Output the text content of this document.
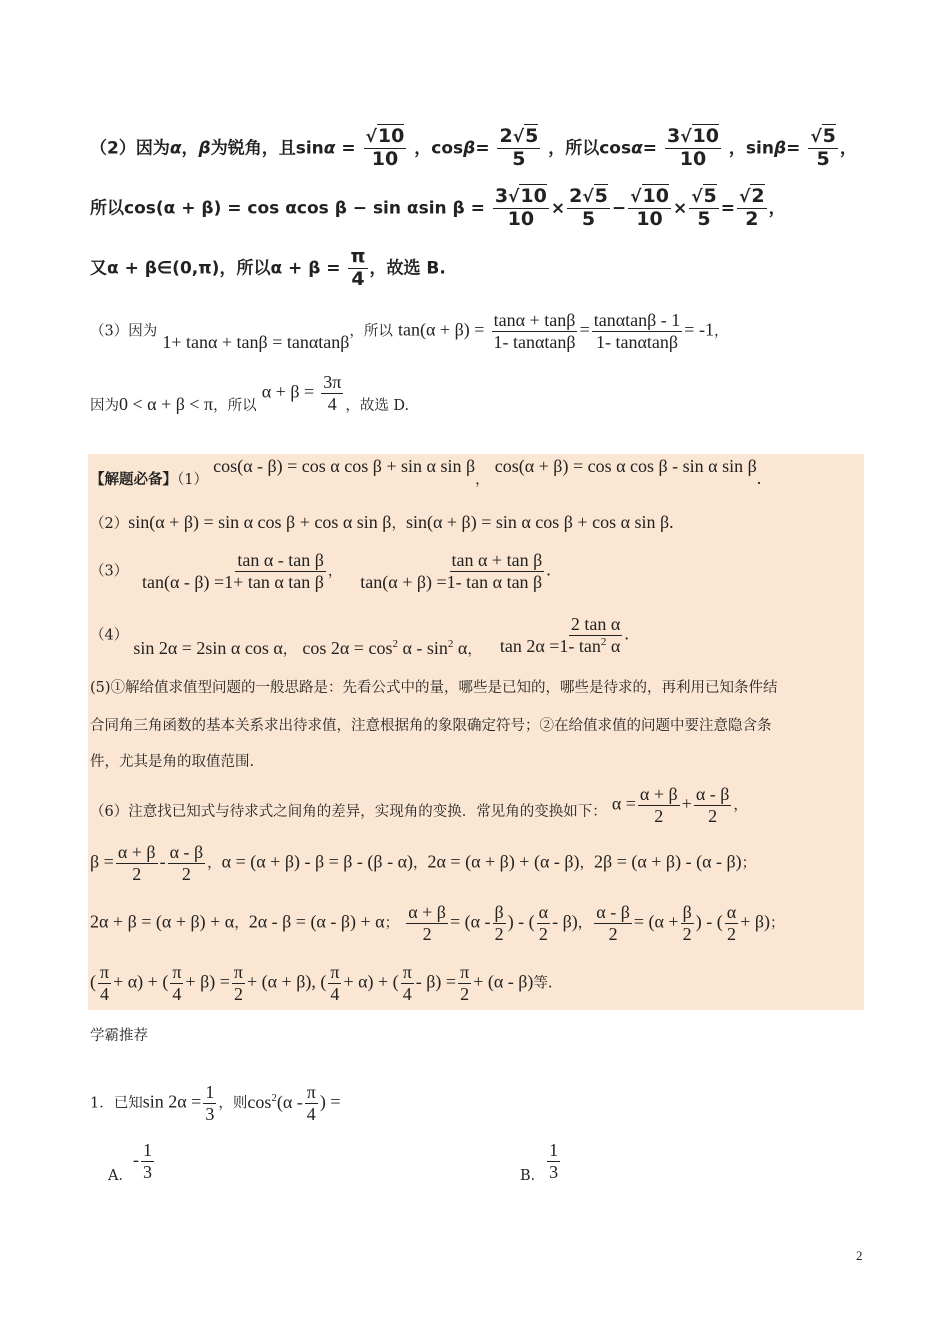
（2）因为α，β为锐角，且$\sin\alpha = \frac{√10}{10}$ ，$\cos\beta= \frac{2√5}{5}$ ，所以$\cos\alpha= \frac{3√10}{10}$ ，$\sin\beta= \frac{√5}{5}$ ，
所以cos(α + β) = cos αcos β − sin αsin $\beta = \frac{3√10}{10} \times \frac{2√5}{5} - \frac{√10}{10} \times \frac{√5}{5} = \frac{√2}{2}$ ，
又α + β∈(0,π)，所以$\alpha + \beta = \frac{\pi}{4}$ ，故选 B.
（3）因为 1+ tanα + tanβ = tanαtanβ，所以 $\tan(\alpha + \beta) = \frac{\tan\alpha + \tan\beta}{1- \tan\alpha\tan\beta} = \frac{\tan\alpha\tan\beta - 1}{1- \tan\alpha\tan\beta} = -1$，
因为0 < α + β < π，所以 $\alpha + \beta = \frac{3\pi}{4}$ ，故选 D.
【解题必备】（1） cos(α - β) = cos α cos β + sin α sin β， cos(α + β) = cos α cos β - sin α sin β.
（2）sin(α + β) = sin α cos β + cos α sin β，sin(α + β) = sin α cos β + cos α sin β.
$(3) \frac{\text{tan α - tan β}}{\text{tan(α - β) =1+ tan α tan β}}$ ， $\frac{\text{tan α + tan β}}{\text{tan(α + β) =1- tan α tan β}}$ .
（4） sin 2α = 2sin α cos α， $\cos 2\alpha = \cos^2 \alpha - \sin^2 \alpha$， $\frac{\text{2 tan α}}{\tan 2\alpha =1- \tan^2 \alpha}$ .
(5)①解给值求值型问题的一般思路是：先看公式中的量，哪些是已知的，哪些是待求的，再利用已知条件结
合同角三角函数的基本关系求出待求值，注意根据角的象限确定符号；②在给值求值的问题中要注意隐含条
件，尤其是角的取值范围.
（6）注意找已知式与待求式之间角的差异，实现角的变换．常见角的变换如下： $\alpha = \frac{\alpha + \beta}{2} + \frac{\alpha - \beta}{2}$ ，
$\beta = \frac{\alpha + \beta}{2} - \frac{\alpha - \beta}{2}$ ，α = (α + β) - β = β - (β - α)，2α = (α + β) + (α - β)，2β = (α + β) - (α - β)；
2α + β = (α + β) + α，2α - β = (α - β) + α； $\frac{\alpha + \beta}{2} = (\alpha - \frac{\beta}{2}$ ) - ( $\frac{\alpha}{2} - \beta$)， $\frac{\alpha - \beta}{2} = (\alpha + \frac{\beta}{2}$ ) - ( $\frac{\alpha}{2} + \beta$)；
( $\frac{\pi}{4} + \alpha$) + ( $\frac{\pi}{4} + \beta) = \frac{\pi}{2} + (\alpha + \beta)$, ( $\frac{\pi}{4} + \alpha$) + ( $\frac{\pi}{4} - \beta) = \frac{\pi}{2} + (\alpha - \beta)$等.
学霸推荐
1．已知$\sin 2\alpha = \frac{1}{3}$ ，则$\cos^2(\alpha - \frac{\pi}{4}$ ) =
A．- $\frac{1}{3}$	B． $\frac{1}{3}$
2
